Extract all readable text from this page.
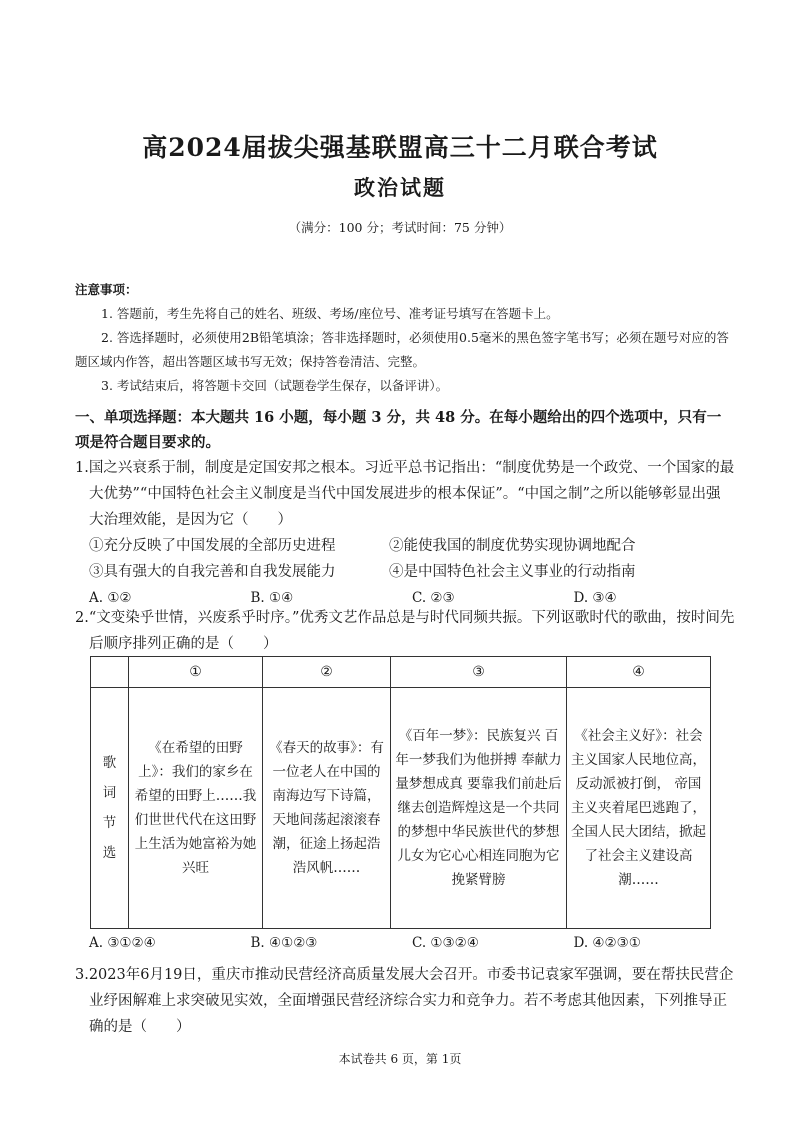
高2024届拔尖强基联盟高三十二月联合考试
政治试题
（满分：100 分；考试时间：75 分钟）
注意事项：
1. 答题前，考生先将自己的姓名、班级、考场/座位号、准考证号填写在答题卡上。
2. 答选择题时，必须使用2B铅笔填涂；答非选择题时，必须使用0.5毫米的黑色签字笔书写；必须在题号对应的答题区域内作答，超出答题区域书写无效；保持答卷清洁、完整。
3. 考试结束后，将答题卡交回（试题卷学生保存，以备评讲）。
一、单项选择题：本大题共 16 小题，每小题 3 分，共 48 分。在每小题给出的四个选项中，只有一项是符合题目要求的。
1.国之兴衰系于制，制度是定国安邦之根本。习近平总书记指出：“制度优势是一个政党、一个国家的最大优势”“中国特色社会主义制度是当代中国发展进步的根本保证”。“中国之制”之所以能够彰显出强大治理效能，是因为它（　　）
①充分反映了中国发展的全部历史进程	②能使我国的制度优势实现协调地配合
③具有强大的自我完善和自我发展能力	④是中国特色社会主义事业的行动指南
A. ①②	B. ①④	C. ②③	D. ③④
2.“文变染乎世情，兴废系乎时序。”优秀文艺作品总是与时代同频共振。下列讴歌时代的歌曲，按时间先后顺序排列正确的是（　　）
	①	②	③	④

歌
词
节
选	《在希望的田野上》：我们的家乡在希望的田野上……我们世世代代在这田野上生活为她富裕为她兴旺	《春天的故事》：有一位老人在中国的南海边写下诗篇，天地间荡起滚滚春潮，征途上扬起浩浩风帆……	《百年一梦》：民族复兴 百年一梦我们为他拼搏 奉献力量梦想成真 要靠我们前赴后继去创造辉煌这是一个共同的梦想中华民族世代的梦想儿女为它心心相连同胞为它挽紧臂膀	《社会主义好》：社会主义国家人民地位高，反动派被打倒， 帝国主义夹着尾巴逃跑了，全国人民大团结，掀起了社会主义建设高潮……
A. ③①②④	B. ④①②③	C. ①③②④	D. ④②③①
3.2023年6月19日，重庆市推动民营经济高质量发展大会召开。市委书记袁家军强调，要在帮扶民营企业纾困解难上求突破见实效，全面增强民营经济综合实力和竞争力。若不考虑其他因素，下列推导正确的是（　　）
本试卷共 6 页，第 1页
